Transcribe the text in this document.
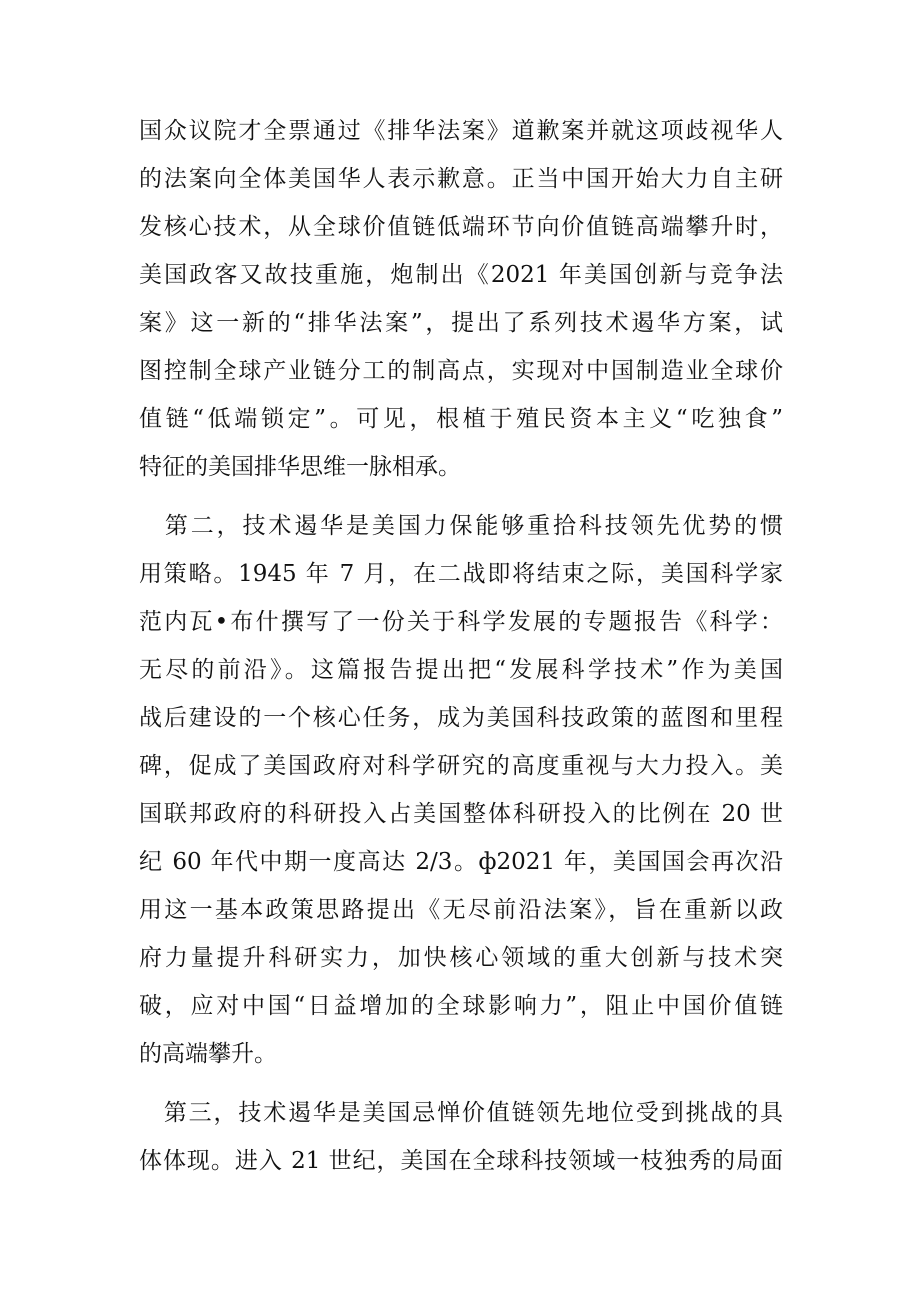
国众议院才全票通过《排华法案》道歉案并就这项歧视华人
的法案向全体美国华人表示歉意。正当中国开始大力自主研
发核心技术，从全球价值链低端环节向价值链高端攀升时，
美国政客又故技重施，炮制出《2021 年美国创新与竞争法
案》这一新的“排华法案”，提出了系列技术遏华方案，试
图控制全球产业链分工的制高点，实现对中国制造业全球价
值链“低端锁定”。可见，根植于殖民资本主义“吃独食”
特征的美国排华思维一脉相承。
　第二，技术遏华是美国力保能够重拾科技领先优势的惯
用策略。1945 年 7 月，在二战即将结束之际，美国科学家
范内瓦•布什撰写了一份关于科学发展的专题报告《科学：
无尽的前沿》。这篇报告提出把“发展科学技术”作为美国
战后建设的一个核心任务，成为美国科技政策的蓝图和里程
碑，促成了美国政府对科学研究的高度重视与大力投入。美
国联邦政府的科研投入占美国整体科研投入的比例在 20 世
纪 60 年代中期一度高达 2/3。ф2021 年，美国国会再次沿
用这一基本政策思路提出《无尽前沿法案》，旨在重新以政
府力量提升科研实力，加快核心领域的重大创新与技术突
破，应对中国“日益增加的全球影响力”，阻止中国价值链
的高端攀升。
　第三，技术遏华是美国忌惮价值链领先地位受到挑战的具
体体现。进入 21 世纪，美国在全球科技领域一枝独秀的局面
